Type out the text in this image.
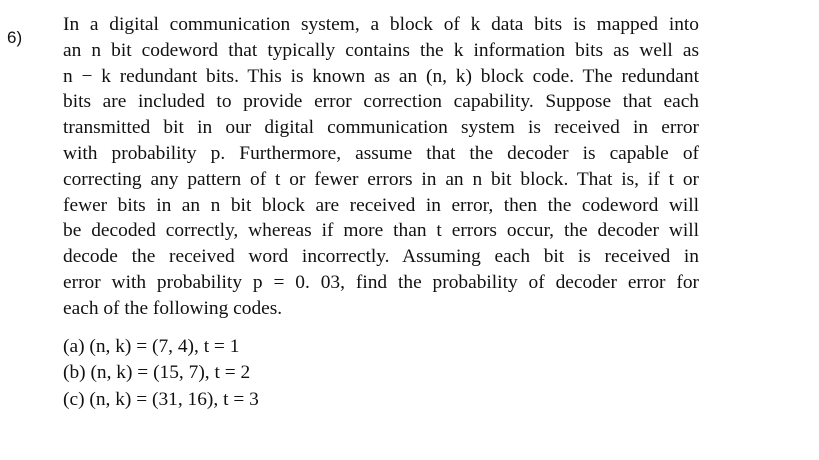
6)
In a digital communication system, a block of k data bits is mapped into
an n bit codeword that typically contains the k information bits as well as
n − k redundant bits. This is known as an (n, k) block code. The redundant
bits are included to provide error correction capability. Suppose that each
transmitted bit in our digital communication system is received in error
with probability p. Furthermore, assume that the decoder is capable of
correcting any pattern of t or fewer errors in an n bit block. That is, if t or
fewer bits in an n bit block are received in error, then the codeword will
be decoded correctly, whereas if more than t errors occur, the decoder will
decode the received word incorrectly. Assuming each bit is received in
error with probability p = 0. 03, find the probability of decoder error for
each of the following codes.
(a) (n, k) = (7, 4), t = 1
(b) (n, k) = (15, 7), t = 2
(c) (n, k) = (31, 16), t = 3
